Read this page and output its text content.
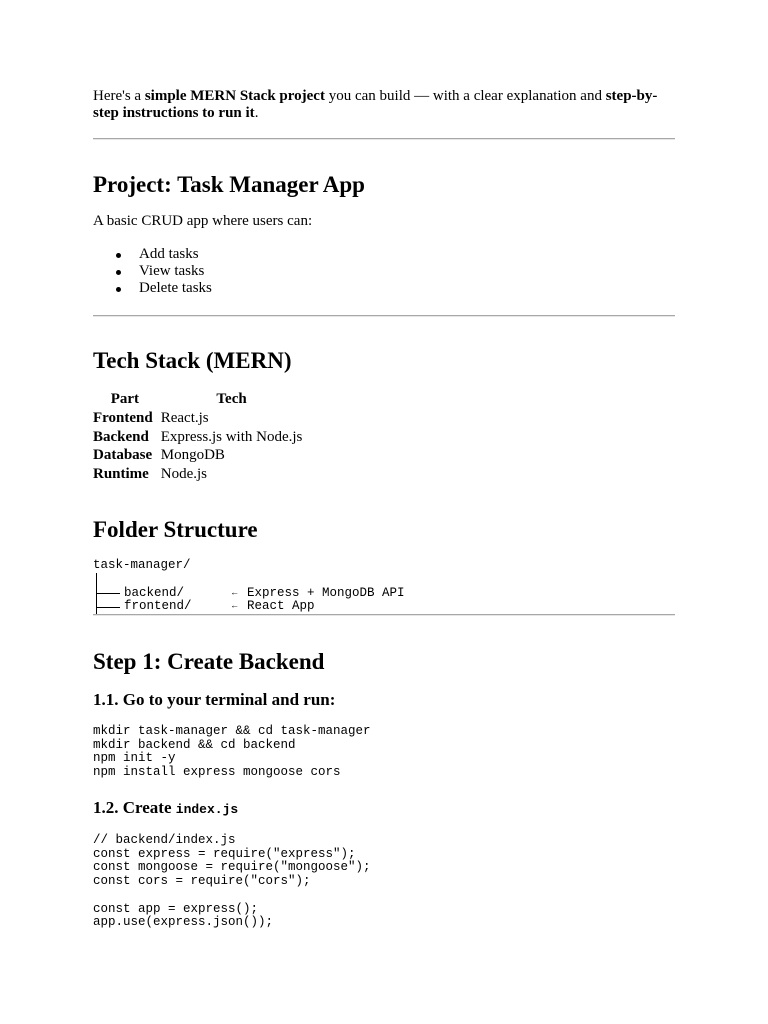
Here's a simple MERN Stack project you can build — with a clear explanation and step-by-step instructions to run it.
Project: Task Manager App

A basic CRUD app where users can:

Add tasks
View tasks
Delete tasks
Tech Stack (MERN)
Part	Tech
Frontend	React.js
Backend	Express.js with Node.js
Database	MongoDB
Runtime	Node.js
Folder Structure
task-manager/
backend/	← Express + MongoDB API
frontend/	← React App
Step 1: Create Backend
1.1. Go to your terminal and run:
mkdir task-manager && cd task-manager
mkdir backend && cd backend
npm init -y
npm install express mongoose cors
1.2. Create index.js
// backend/index.js
const express = require("express");
const mongoose = require("mongoose");
const cors = require("cors");

const app = express();
app.use(express.json());
